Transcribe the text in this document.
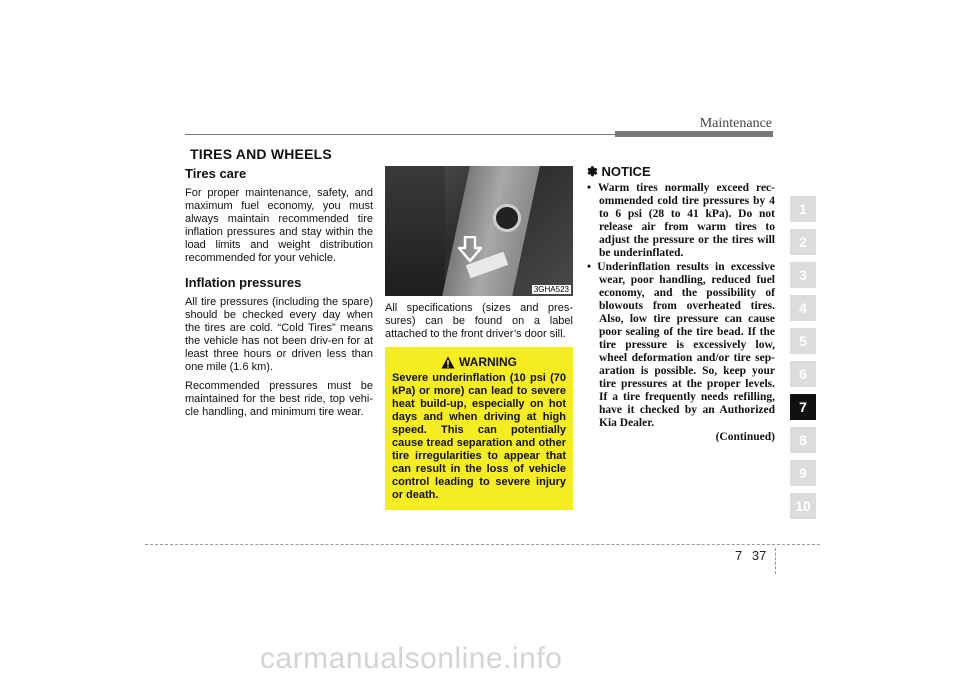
Maintenance
TIRES AND WHEELS
Tires care

For proper maintenance, safety, and maximum fuel economy, you must always maintain recommended tire inflation pressures and stay within the load limits and weight distribution recommended for your vehicle.

Inflation pressures

All tire pressures (including the spare) should be checked every day when the tires are cold. “Cold Tires” means the vehicle has not been driv-en for at least three hours or driven less than one mile (1.6 km).

Recommended pressures must be maintained for the best ride, top vehi-cle handling, and minimum tire wear.

3GHA523

All specifications (sizes and pres-sures) can be found on a label attached to the front driver’s door sill.

WARNING
Severe underinflation (10 psi (70 kPa) or more) can lead to severe heat build-up, especially on hot days and when driving at high speed. This can potentially cause tread separation and other tire irregularities to appear that can result in the loss of vehicle control leading to severe injury or death.
✽ NOTICE
• Warm tires normally exceed rec-ommended cold tire pressures by 4 to 6 psi (28 to 41 kPa). Do not release air from warm tires to adjust the pressure or the tires will be underinflated.
• Underinflation results in excessive wear, poor handling, reduced fuel economy, and the possibility of blowouts from overheated tires. Also, low tire pressure can cause poor sealing of the tire bead. If the tire pressure is excessively low, wheel deformation and/or tire sep-aration is possible. So, keep your tire pressures at the proper levels. If a tire frequently needs refilling, have it checked by an Authorized Kia Dealer.
(Continued)
1
2
3
4
5
6
7
8
9
10
7 37
carmanualsonline.info
